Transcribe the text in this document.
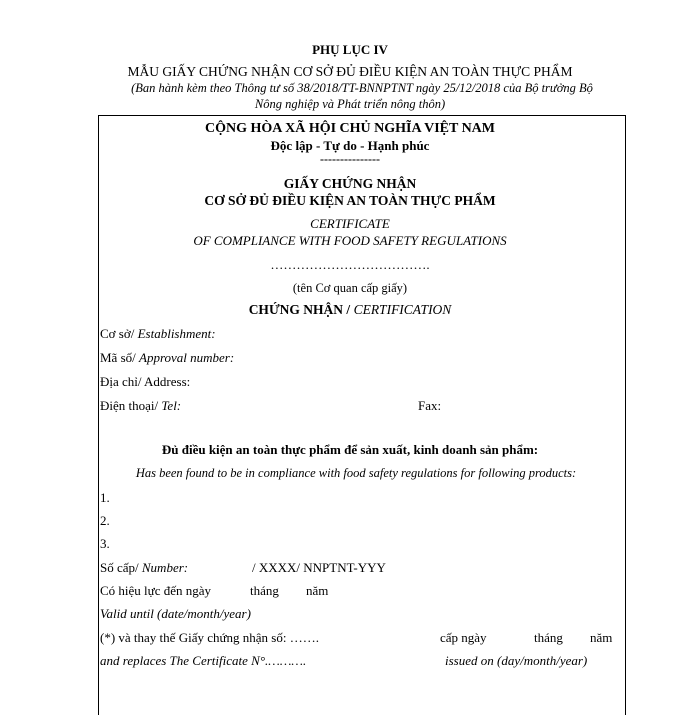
PHỤ LỤC IV
MẪU GIẤY CHỨNG NHẬN CƠ SỞ ĐỦ ĐIỀU KIỆN AN TOÀN THỰC PHẨM
(Ban hành kèm theo Thông tư số 38/2018/TT-BNNPTNT ngày 25/12/2018 của Bộ trưởng Bộ
Nông nghiệp và Phát triển nông thôn)
CỘNG HÒA XÃ HỘI CHỦ NGHĨA VIỆT NAM
Độc lập - Tự do - Hạnh phúc
---------------
GIẤY CHỨNG NHẬN
CƠ SỞ ĐỦ ĐIỀU KIỆN AN TOÀN THỰC PHẨM
CERTIFICATE
OF COMPLIANCE WITH FOOD SAFETY REGULATIONS
……………………………….
(tên Cơ quan cấp giấy)
CHỨNG NHẬN / CERTIFICATION
Cơ sở/ Establishment:
Mã số/ Approval number:
Địa chỉ/ Address:
Điện thoại/ Tel:	Fax:
Đủ điều kiện an toàn thực phẩm để sản xuất, kinh doanh sản phẩm:
Has been found to be in compliance with food safety regulations for following products:
1.
2.
3.
Số cấp/ Number:	/ XXXX/ NNPTNT-YYY
Có hiệu lực đến ngày	tháng năm
Valid until (date/month/year)
(*) và thay thế Giấy chứng nhận số: …….	cấp ngày	tháng năm
and replaces The Certificate N°.……….	issued on (day/month/year)
